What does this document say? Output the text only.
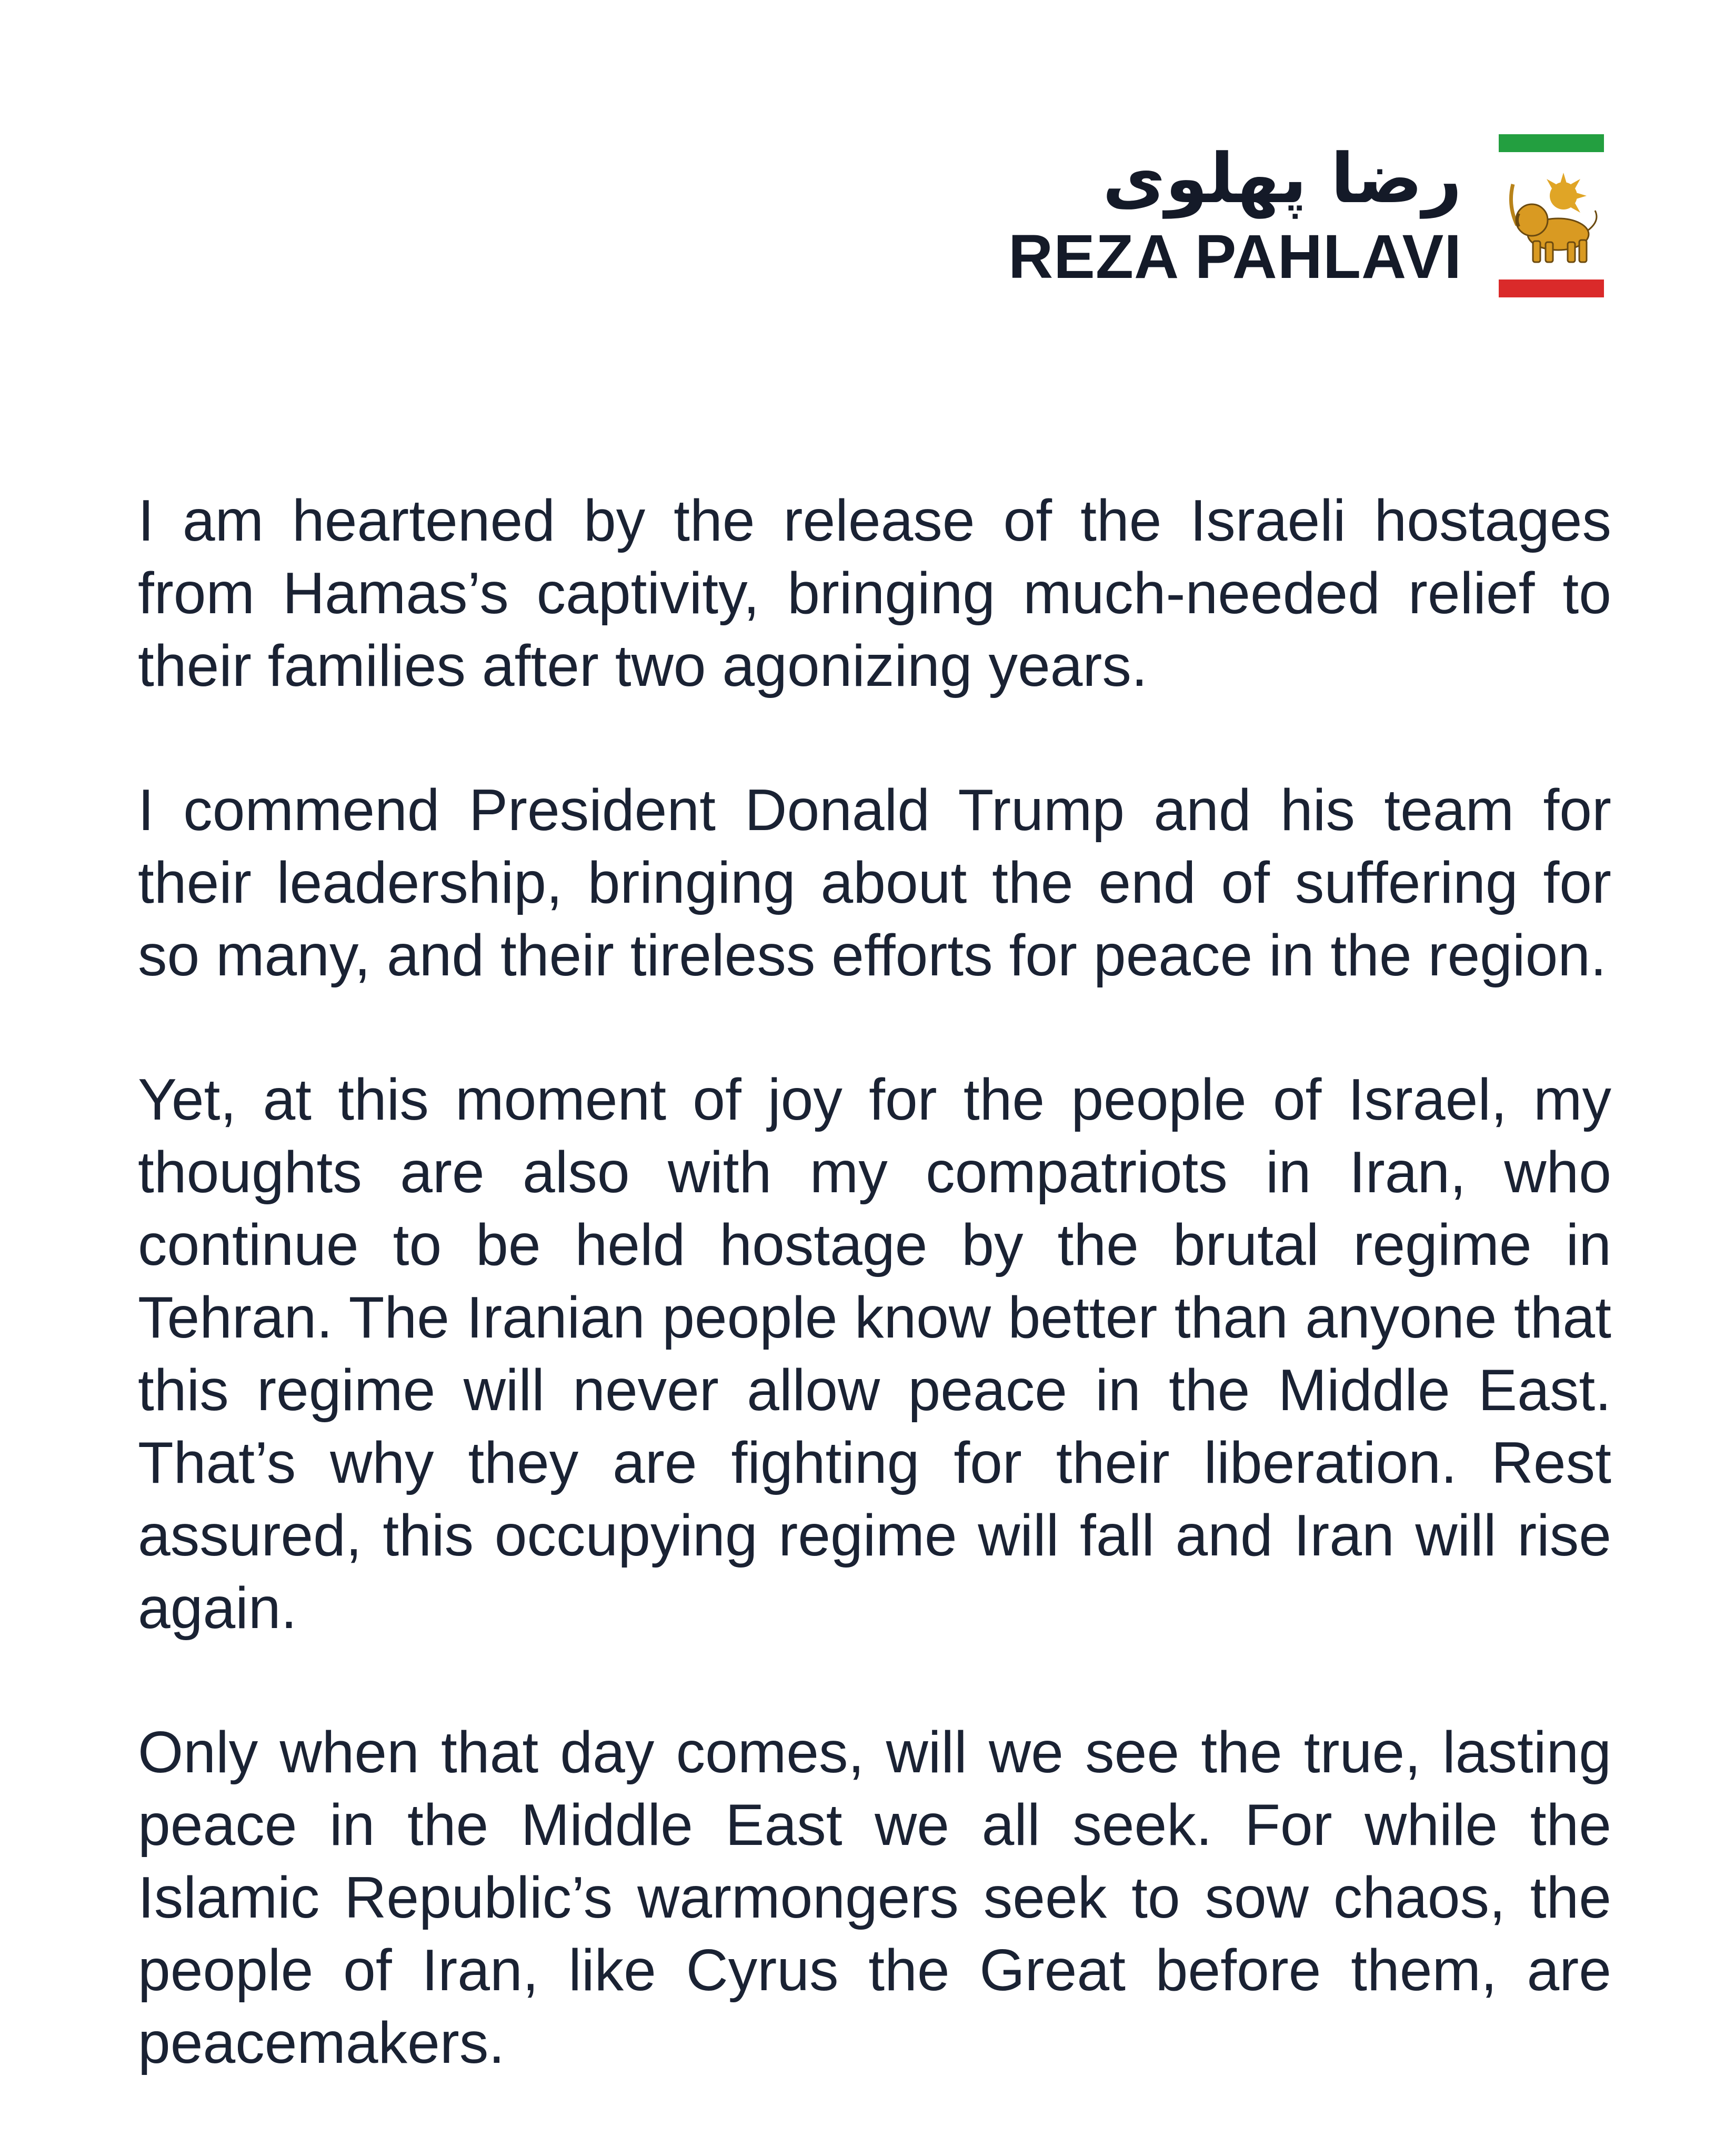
رضا پهلوی
REZA PAHLAVI

I am heartened by the release of the Israeli hostages from Hamas’s captivity, bringing much-needed relief to their families after two agonizing years.

I commend President Donald Trump and his team for their leadership, bringing about the end of suffering for so many, and their tireless efforts for peace in the region.

Yet, at this moment of joy for the people of Israel, my thoughts are also with my compatriots in Iran, who continue to be held hostage by the brutal regime in Tehran. The Iranian people know better than anyone that this regime will never allow peace in the Middle East. That’s why they are fighting for their liberation. Rest assured, this occupying regime will fall and Iran will rise again.

Only when that day comes, will we see the true, lasting peace in the Middle East we all seek. For while the Islamic Republic’s warmongers seek to sow chaos, the people of Iran, like Cyrus the Great before them, are peacemakers.
